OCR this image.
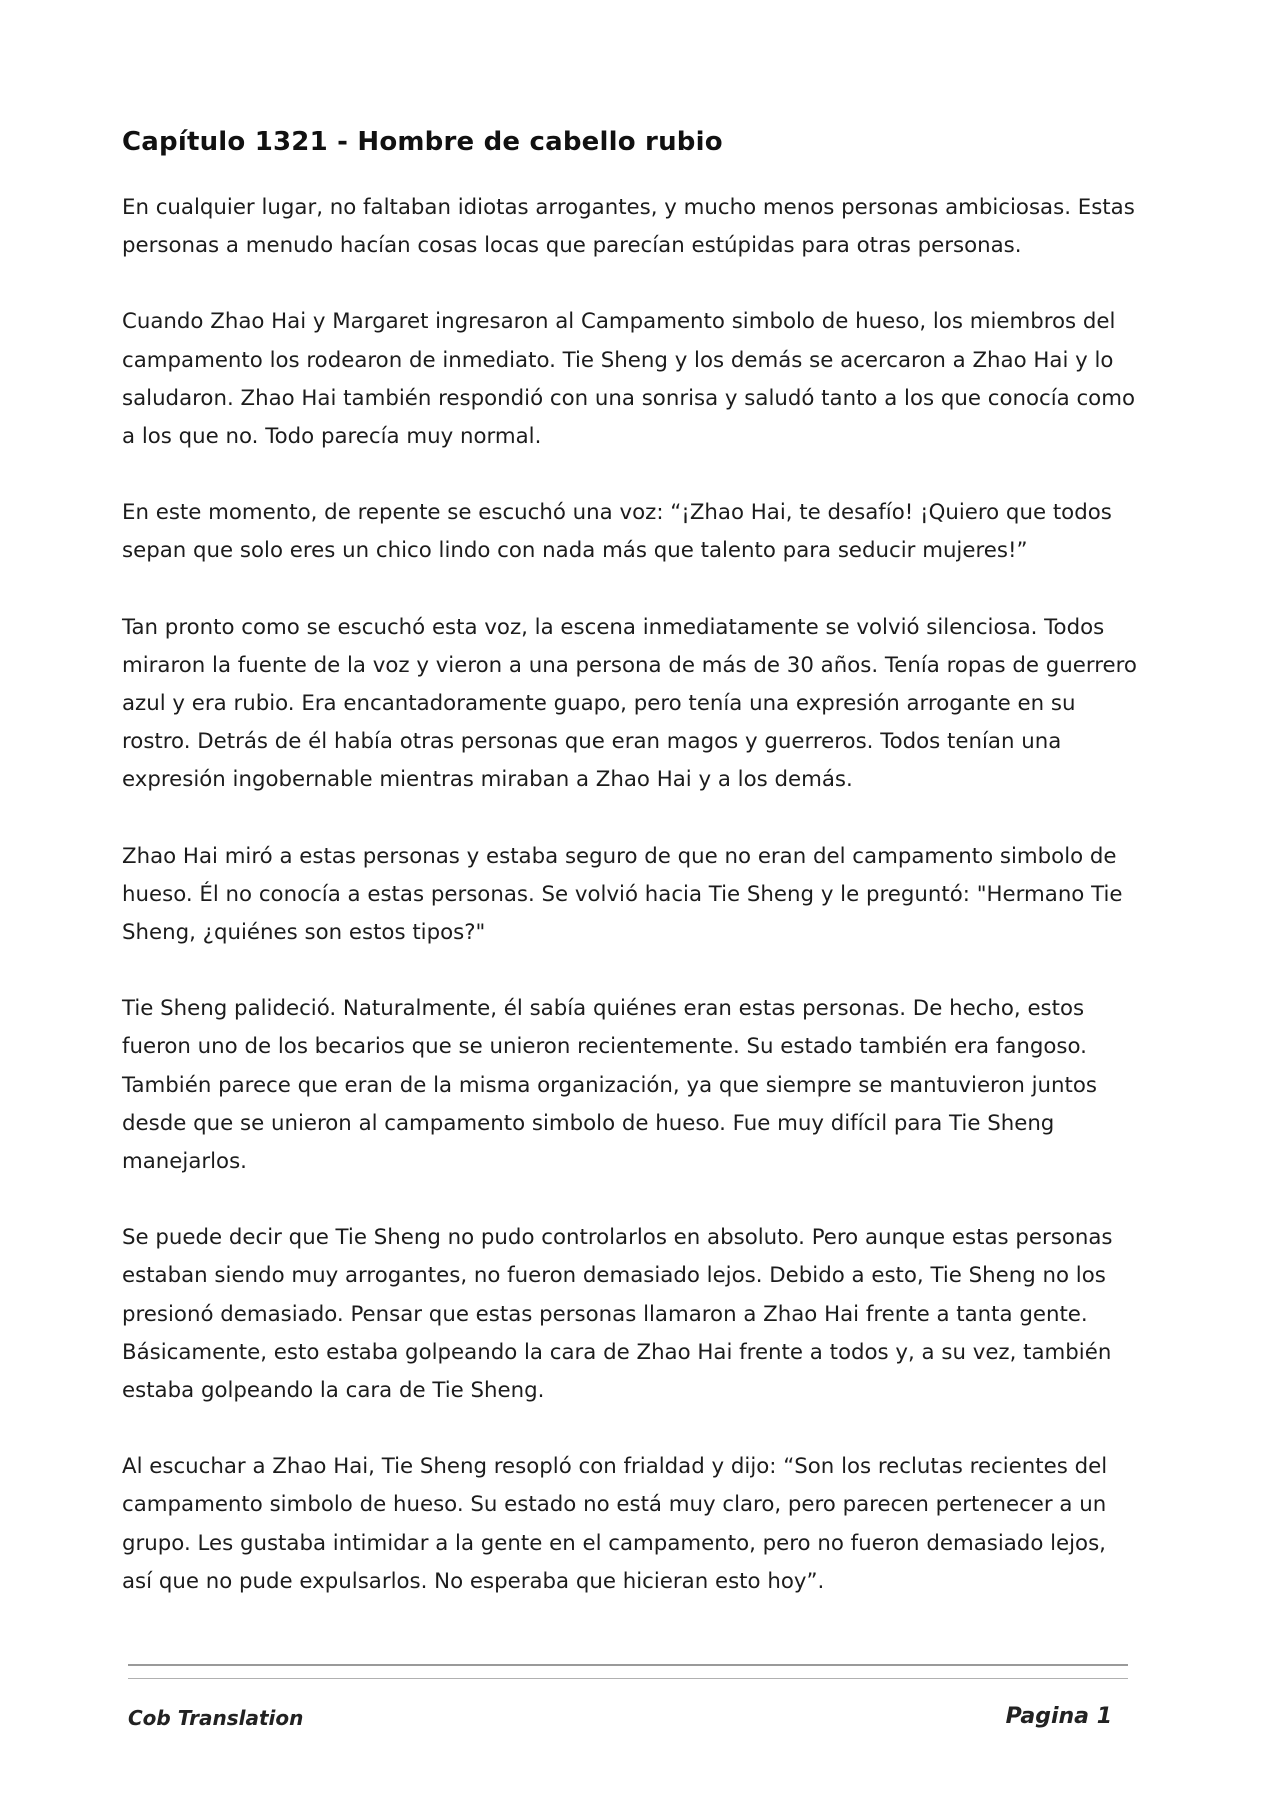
Capítulo 1321 - Hombre de cabello rubio

En cualquier lugar, no faltaban idiotas arrogantes, y mucho menos personas ambiciosas. Estas personas a menudo hacían cosas locas que parecían estúpidas para otras personas.

Cuando Zhao Hai y Margaret ingresaron al Campamento simbolo de hueso, los miembros del campamento los rodearon de inmediato. Tie Sheng y los demás se acercaron a Zhao Hai y lo saludaron. Zhao Hai también respondió con una sonrisa y saludó tanto a los que conocía como a los que no. Todo parecía muy normal.

En este momento, de repente se escuchó una voz: “¡Zhao Hai, te desafío! ¡Quiero que todos sepan que solo eres un chico lindo con nada más que talento para seducir mujeres!”

Tan pronto como se escuchó esta voz, la escena inmediatamente se volvió silenciosa. Todos miraron la fuente de la voz y vieron a una persona de más de 30 años. Tenía ropas de guerrero azul y era rubio. Era encantadoramente guapo, pero tenía una expresión arrogante en su rostro. Detrás de él había otras personas que eran magos y guerreros. Todos tenían una expresión ingobernable mientras miraban a Zhao Hai y a los demás.

Zhao Hai miró a estas personas y estaba seguro de que no eran del campamento simbolo de hueso. Él no conocía a estas personas. Se volvió hacia Tie Sheng y le preguntó: "Hermano Tie Sheng, ¿quiénes son estos tipos?"

Tie Sheng palideció. Naturalmente, él sabía quiénes eran estas personas. De hecho, estos fueron uno de los becarios que se unieron recientemente. Su estado también era fangoso. También parece que eran de la misma organización, ya que siempre se mantuvieron juntos desde que se unieron al campamento simbolo de hueso. Fue muy difícil para Tie Sheng manejarlos.

Se puede decir que Tie Sheng no pudo controlarlos en absoluto. Pero aunque estas personas estaban siendo muy arrogantes, no fueron demasiado lejos. Debido a esto, Tie Sheng no los presionó demasiado. Pensar que estas personas llamaron a Zhao Hai frente a tanta gente. Básicamente, esto estaba golpeando la cara de Zhao Hai frente a todos y, a su vez, también estaba golpeando la cara de Tie Sheng.

Al escuchar a Zhao Hai, Tie Sheng resopló con frialdad y dijo: “Son los reclutas recientes del campamento simbolo de hueso. Su estado no está muy claro, pero parecen pertenecer a un grupo. Les gustaba intimidar a la gente en el campamento, pero no fueron demasiado lejos, así que no pude expulsarlos. No esperaba que hicieran esto hoy”.

Cob Translation	Pagina 1
